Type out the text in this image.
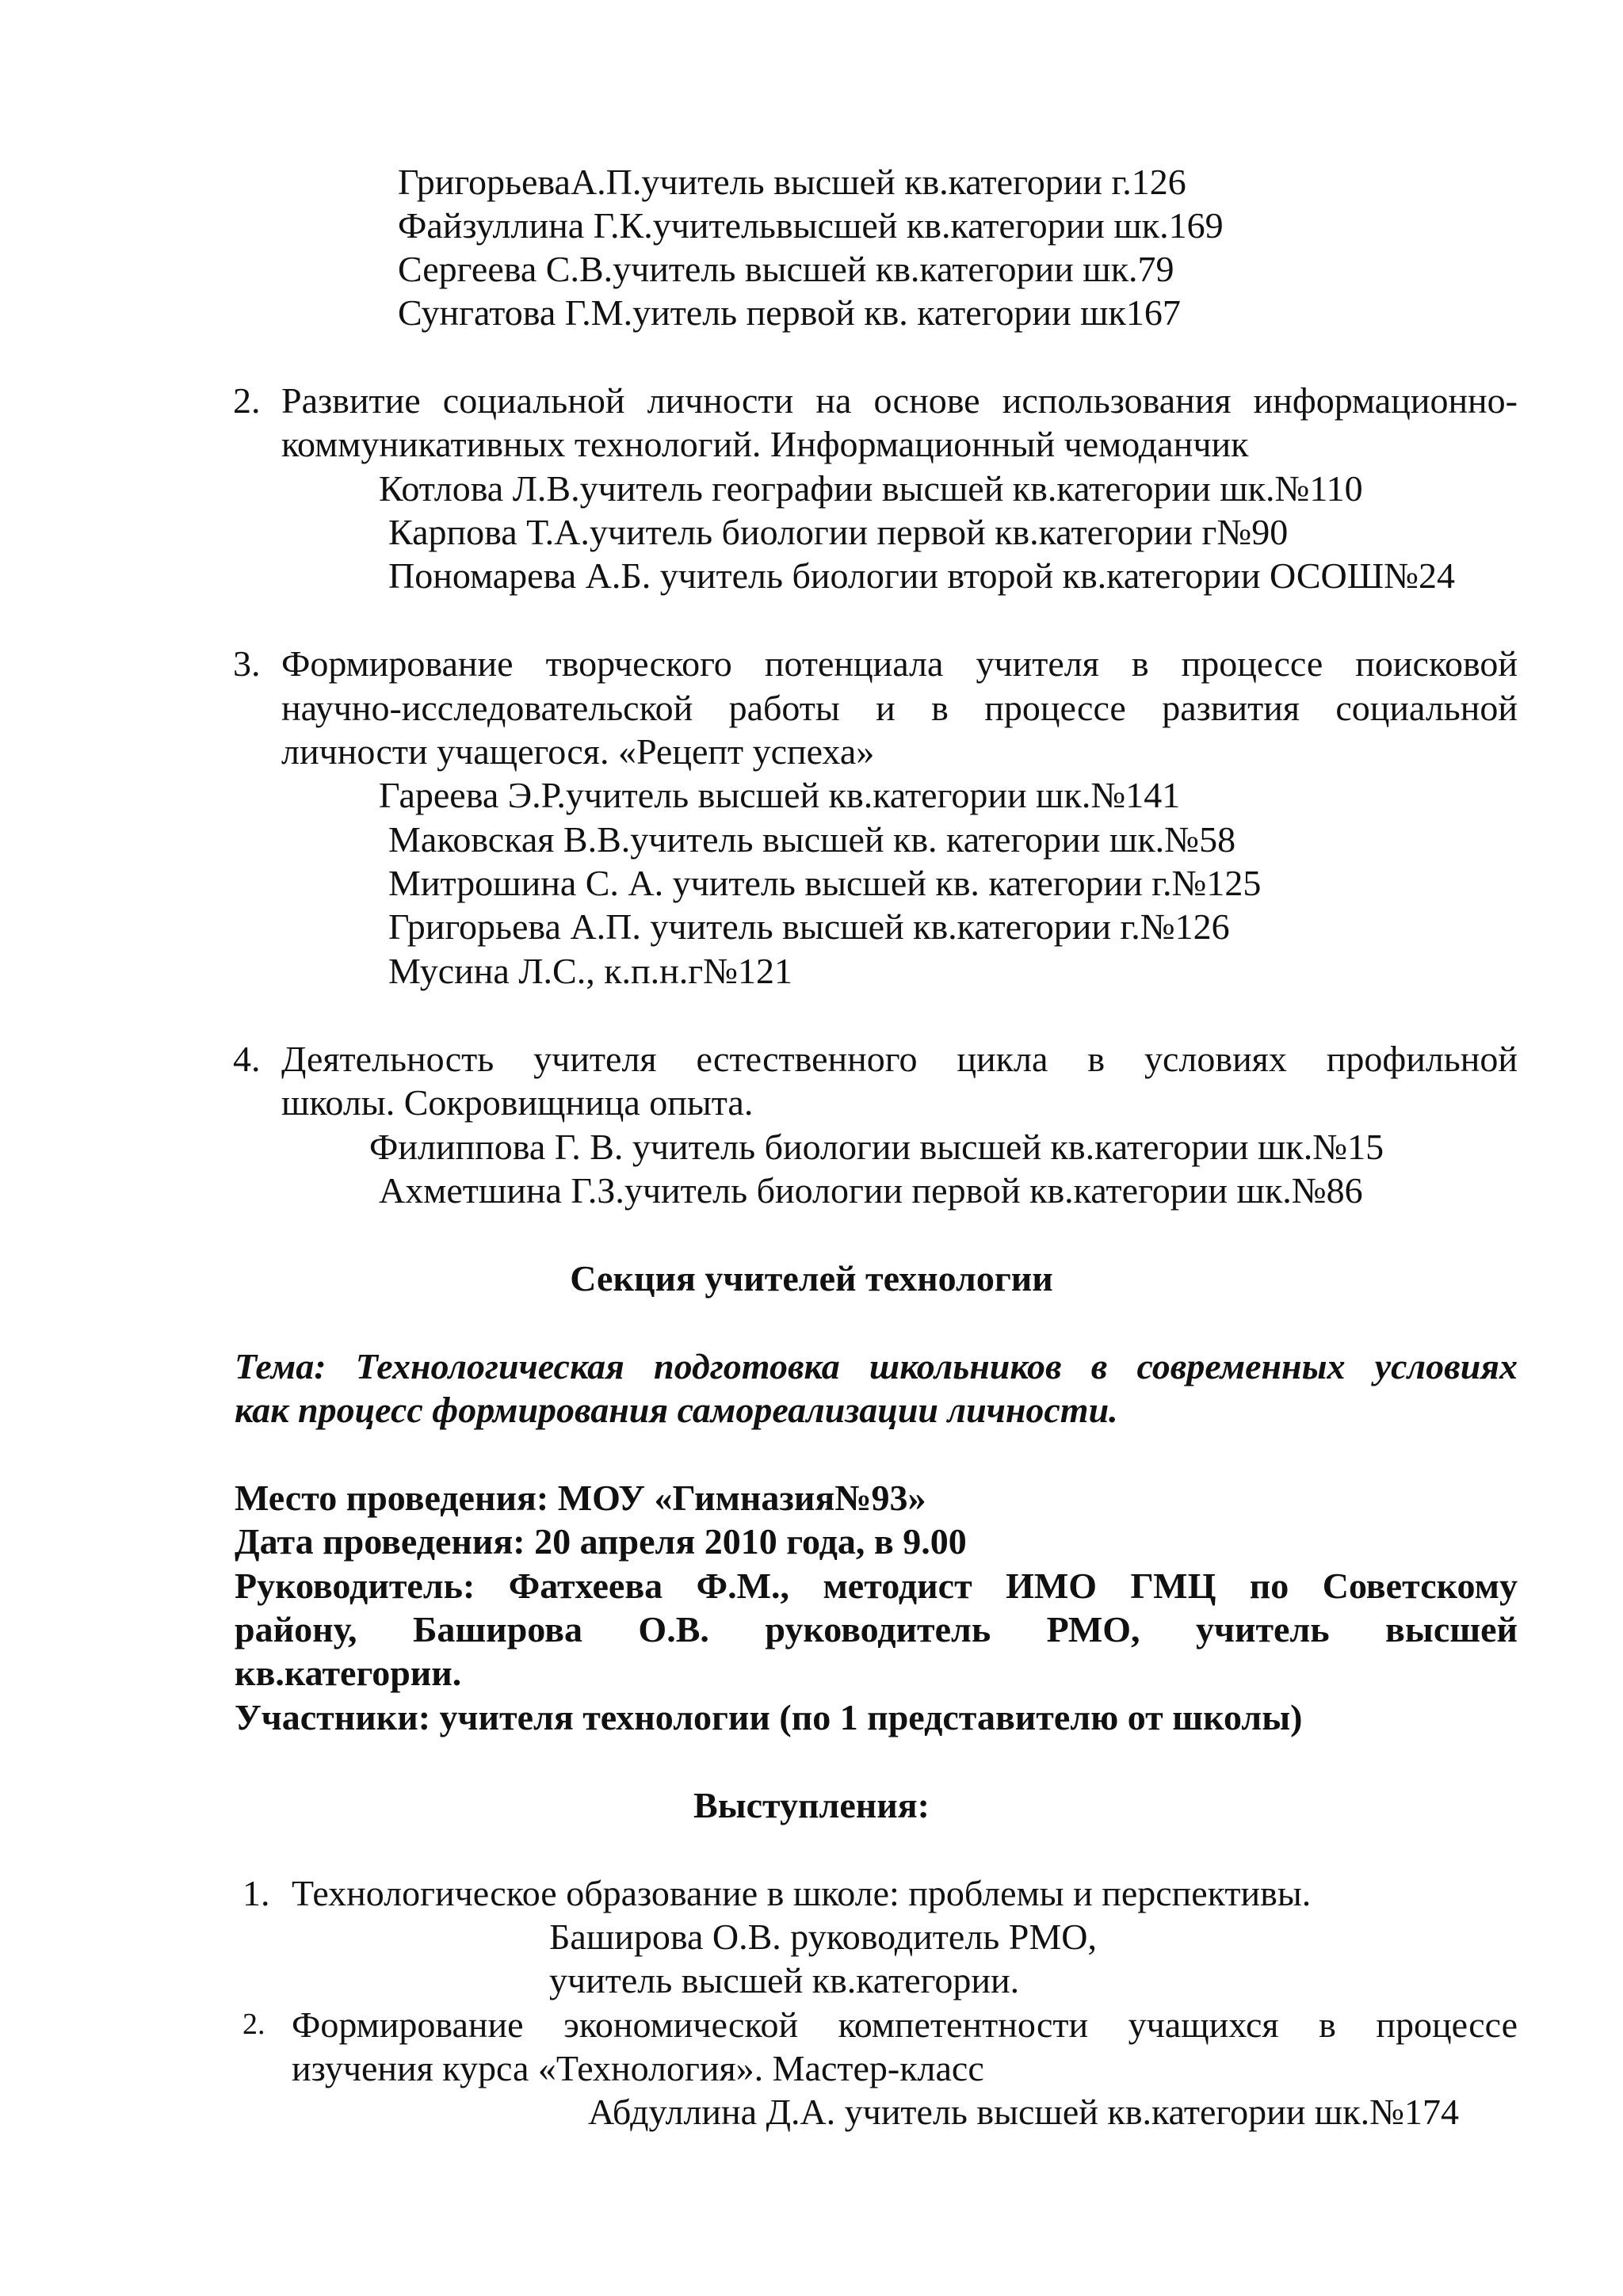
ГригорьеваА.П.учитель высшей кв.категории г.126
Файзуллина Г.К.учительвысшей кв.категории шк.169
Сергеева С.В.учитель высшей кв.категории шк.79
Сунгатова Г.М.уитель первой кв. категории шк167
2. Развитие социальной личности на основе использования информационно-
коммуникативных технологий. Информационный чемоданчик
Котлова Л.В.учитель географии высшей кв.категории шк.№110
Карпова Т.А.учитель биологии первой кв.категории г№90
Пономарева А.Б. учитель биологии второй кв.категории ОСОШ№24
3. Формирование творческого потенциала учителя в процессе поисковой
научно-исследовательской работы и в процессе развития социальной
личности учащегося. «Рецепт успеха»
Гареева Э.Р.учитель высшей кв.категории шк.№141
Маковская В.В.учитель высшей кв. категории шк.№58
Митрошина С. А. учитель высшей кв. категории г.№125
Григорьева А.П. учитель высшей кв.категории г.№126
Мусина Л.С., к.п.н.г№121
4. Деятельность учителя естественного цикла в условиях профильной
школы. Сокровищница опыта.
Филиппова Г. В. учитель биологии высшей кв.категории шк.№15
Ахметшина Г.З.учитель биологии первой кв.категории шк.№86
Секция учителей технологии
Тема: Технологическая подготовка школьников в современных условиях
как процесс формирования самореализации личности.
Место проведения: МОУ «Гимназия№93»
Дата проведения: 20 апреля 2010 года, в 9.00
Руководитель: Фатхеева Ф.М., методист ИМО ГМЦ по Советскому
району, Баширова О.В. руководитель РМО, учитель высшей
кв.категории.
Участники: учителя технологии (по 1 представителю от школы)
Выступления:
1. Технологическое образование в школе: проблемы и перспективы.
Баширова О.В. руководитель РМО,
учитель высшей кв.категории.
2. Формирование экономической компетентности учащихся в процессе
изучения курса «Технология». Мастер-класс
Абдуллина Д.А. учитель высшей кв.категории шк.№174
